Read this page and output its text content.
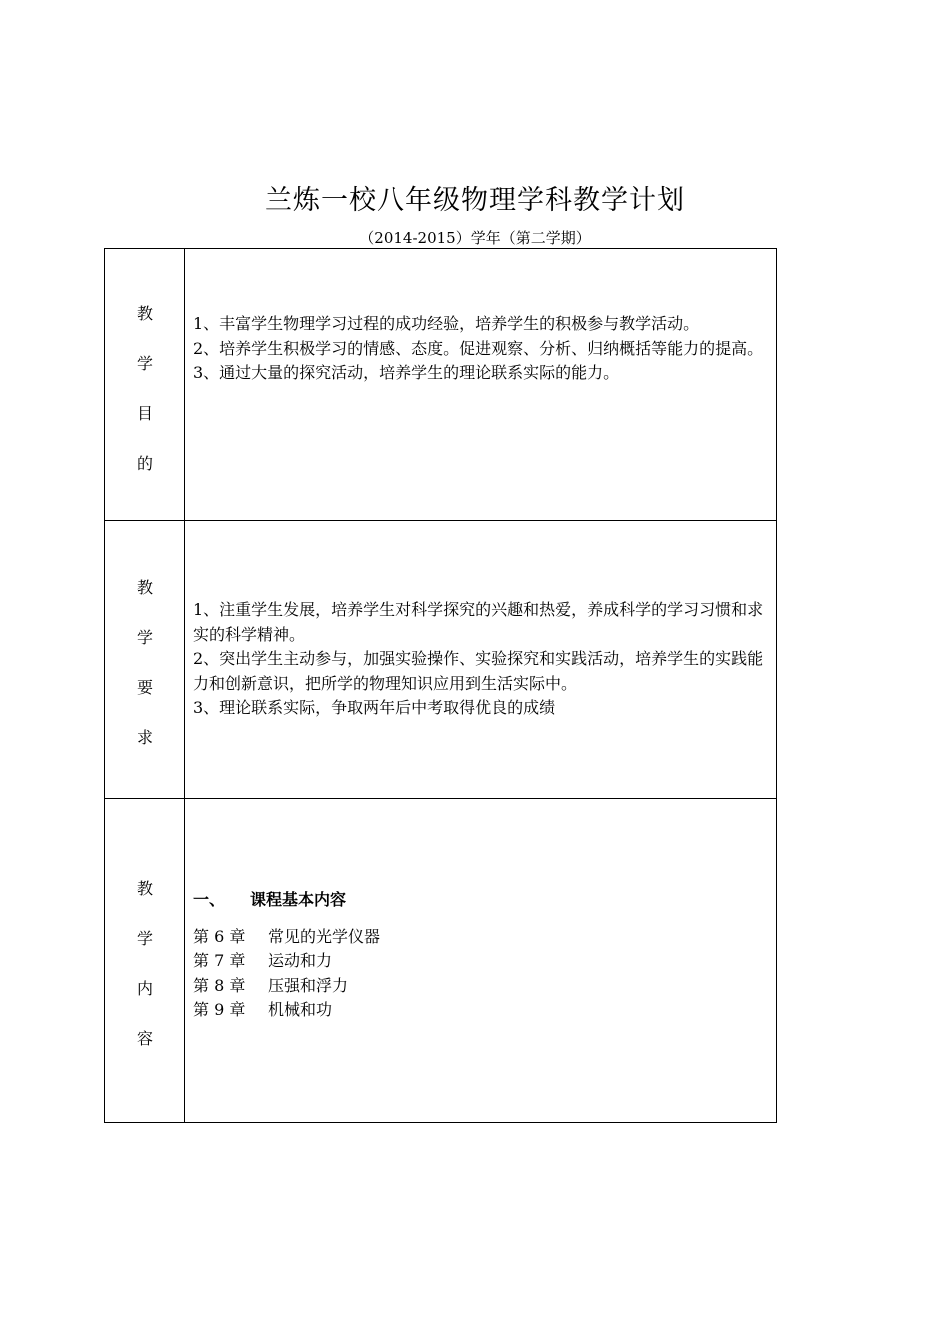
兰炼一校八年级物理学科教学计划
（2014-2015）学年（第二学期）
教
学
目
的

1、丰富学生物理学习过程的成功经验，培养学生的积极参与教学活动。

2、培养学生积极学习的情感、态度。促进观察、分析、归纳概括等能力的提高。

3、通过大量的探究活动，培养学生的理论联系实际的能力。

教
学
要
求

1、注重学生发展，培养学生对科学探究的兴趣和热爱，养成科学的学习习惯和求实的科学精神。

2、突出学生主动参与，加强实验操作、实验探究和实践活动，培养学生的实践能力和创新意识，把所学的物理知识应用到生活实际中。

3、理论联系实际，争取两年后中考取得优良的成绩

教
学
内
容

一、 课程基本内容

第 6 章 常见的光学仪器

第 7 章 运动和力

第 8 章 压强和浮力

第 9 章 机械和功
